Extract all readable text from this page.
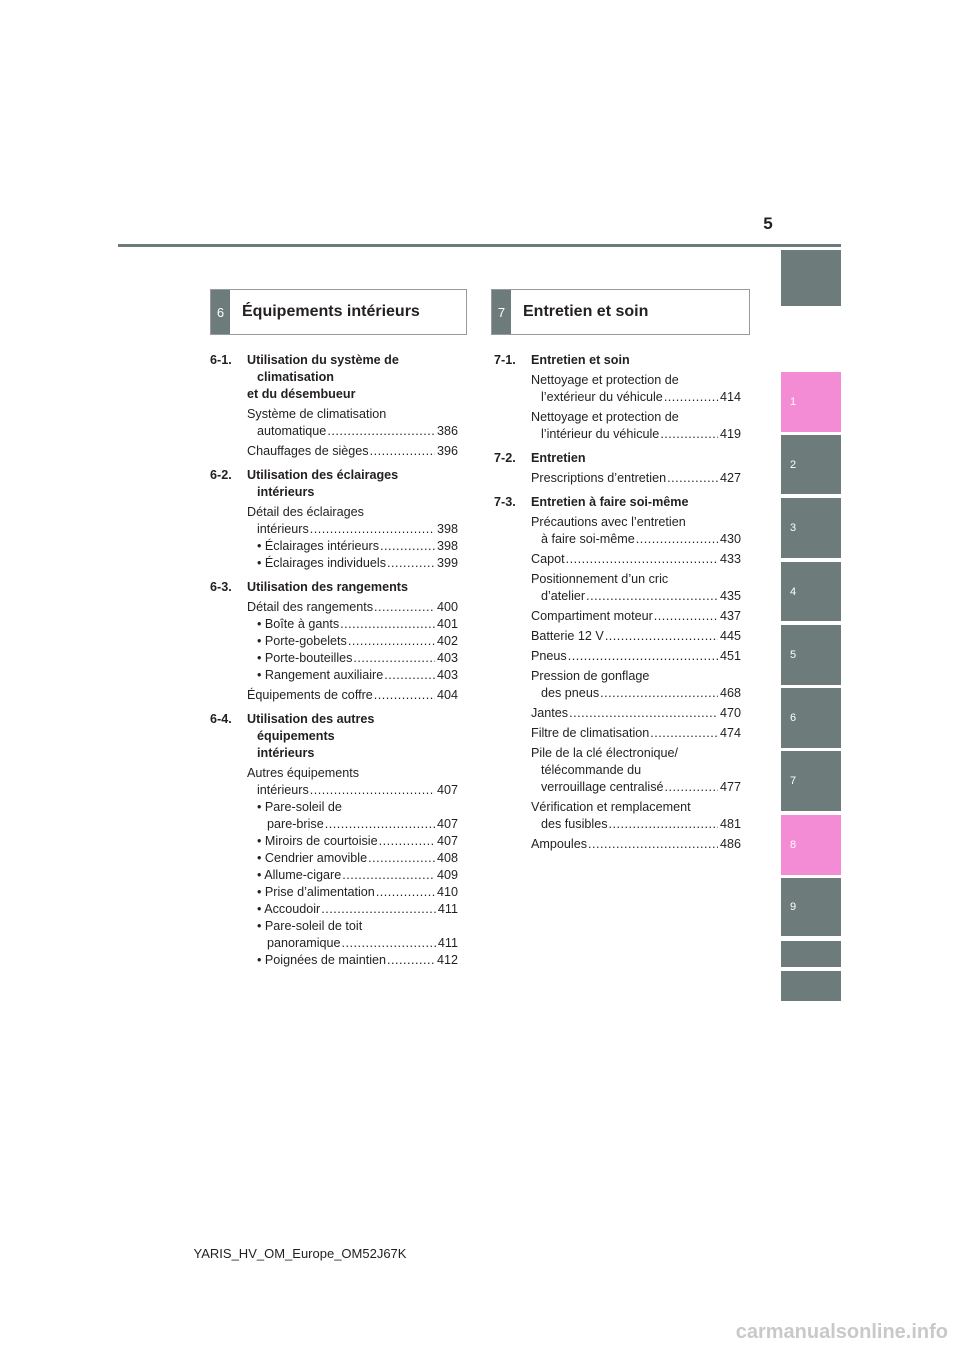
5
1
2
3
4
5
6
7
8
9
6	Équipements intérieurs	7	Entretien et soin
6-1. Utilisation du système de
climatisation
et du désembueur
Système de climatisation
automatique .....	386
Chauffages de sièges .....	396
6-2. Utilisation des éclairages
intérieurs
Détail des éclairages
intérieurs .....	398
• Éclairages intérieurs .....	398
• Éclairages individuels .....	399
6-3. Utilisation des rangements
Détail des rangements .....	400
• Boîte à gants .....	401
• Porte-gobelets .....	402
• Porte-bouteilles .....	403
• Rangement auxiliaire .....	403
Équipements de coffre .....	404
6-4. Utilisation des autres
équipements
intérieurs
Autres équipements
intérieurs .....	407
• Pare-soleil de
pare-brise .....	407
• Miroirs de courtoisie .....	407
• Cendrier amovible .....	408
• Allume-cigare .....	409
• Prise d’alimentation .....	410
• Accoudoir .....	411
• Pare-soleil de toit
panoramique .....	411
• Poignées de maintien .....	412
7-1. Entretien et soin
Nettoyage et protection de
l’extérieur du véhicule .....	414
Nettoyage et protection de
l’intérieur du véhicule .....	419
7-2. Entretien
Prescriptions d’entretien .....	427
7-3. Entretien à faire soi-même
Précautions avec l’entretien
à faire soi-même .....	430
Capot .....	433
Positionnement d’un cric
d’atelier .....	435
Compartiment moteur .....	437
Batterie 12 V .....	445
Pneus .....	451
Pression de gonflage
des pneus .....	468
Jantes .....	470
Filtre de climatisation .....	474
Pile de la clé électronique/
télécommande du
verrouillage centralisé .....	477
Vérification et remplacement
des fusibles .....	481
Ampoules .....	486
YARIS_HV_OM_Europe_OM52J67K
carmanualsonline.info
